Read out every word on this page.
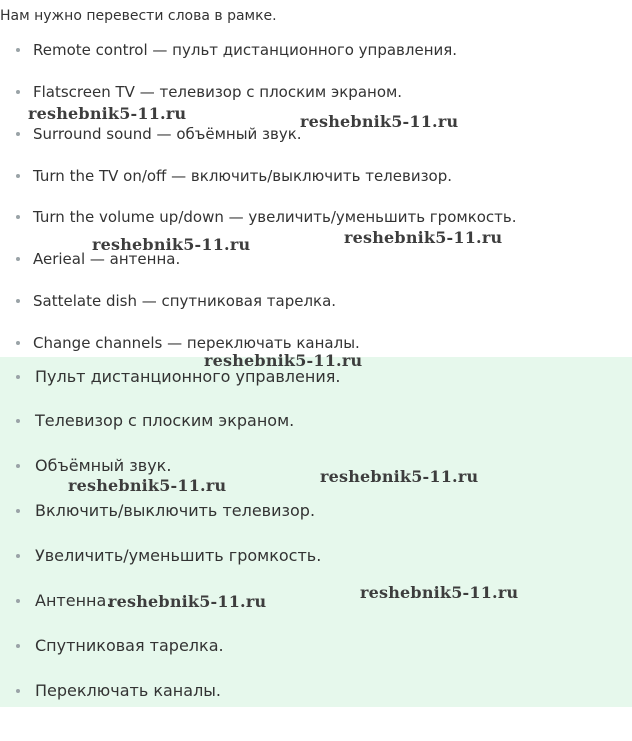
Нам нужно перевести слова в рамке.

Remote control — пульт дистанционного управления.
Flatscreen TV — телевизор с плоским экраном.
Surround sound — объёмный звук.
Turn the TV on/off — включить/выключить телевизор.
Turn the volume up/down — увеличить/уменьшить громкость.
Aerieal — антенна.
Sattelate dish — спутниковая тарелка.
Change channels — переключать каналы.
Пульт дистанционного управления.
Телевизор с плоским экраном.
Объёмный звук.
Включить/выключить телевизор.
Увеличить/уменьшить громкость.
Антенна.
Спутниковая тарелка.
Переключать каналы.
reshebnik5-11.ru	reshebnik5-11.ru
reshebnik5-11.ru	reshebnik5-11.ru
reshebnik5-11.ru
reshebnik5-11.ru
reshebnik5-11.ru
reshebnik5-11.ru	reshebnik5-11.ru
